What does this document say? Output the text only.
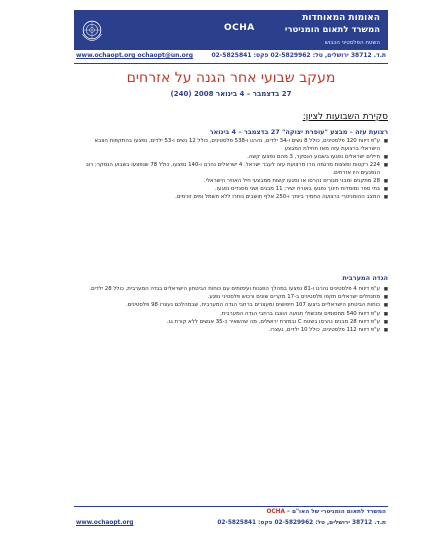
האומות המאוחדות
המשרד לתאום הומניטרי
OCHA
השטח הפלסטיני הכבוש
www.ochaopt.org ochaopt@un.org	ת.ד. 38712 ירושלים, טל: 02-5829962 פקס: 02-5825841
מעקב שבועי אחר הגנה על אזרחים
27 בדצמבר – 4 בינואר 2008 (240)
סקירת השבועות לציון:
רצועת עזה – מבצע "עופרת יצוקה" 27 בדצמבר – 4 בינואר
■ ע"פ דיווח 120 פלסטינים, כולל 8 נשים ו-34 ילדים, נהרגו ו-538 פלסטינים, כולל 12 נשים ו-53 ילדים, נפצעו בהתקפות הצבא הישראלי ברצועת עזה מאז תחילת המבצע
■ חיילים ישראלים נפגעו בשבוע הנסקר, 3 מהם נפצעו קשה.
■ 224 רקטות ופצצות מרגמה נורו מרצועת עזה לעבר ישראל. 4 ישראלים נהרגו ו-140 נפצעו, כולל 78 שנפצעו בשבוע הנסקר; רוב הנפגעים היו אזרחים.
■ 28 מתקנים ומבני מגורים נהרסו או נפגעו קשות ממבצעי חיל האוויר הישראלי.
■ בתי ספר ומוסדות חינוך נפגעו באורח ישיר; 11 מבנים ושני מסגדים נפגעו.
■ המצב ההומניטרי ברצועה החמיר ביותר ו-250 אלף תושבים נותרו ללא חשמל ומים זורמים.
הגדה המערבית
■ ע"פ דיווח 4 פלסטינים נהרגו ו-81 נפצעו במהלך הפגנות ועימותים עם כוחות הביטחון הישראלים בגדה המערבית, כולל 28 ילדים.
■ מתנחלים ישראלים תקפו פלסטינים ב-17 מקרים שונים ורכוש פלסטיני נפגע.
■ כוחות הביטחון הישראליים ביצעו 107 חיפושים ומעצרים ברחבי הגדה המערבית, שבמהלכם נעצרו 98 פלסטינים.
■ ע"פ דיווח 540 מחסומים ומכשולי תנועה הוצבו ברחבי הגדה המערבית.
■ ע"פ דיווח 28 מבנים נהרסו בשטח C ובמזרח ירושלים, מה שהשאיר כ-35 אנשים ללא קורת גג.
■ ע"פ דיווח 112 פלסטינים, כולל 10 ילדים, נעצרו.
המשרד לתאום הומניטרי של האו"ם – OCHA
www.ochaopt.org	ת.ד. 38712 ירושלים, טל: 02-5829962 פקס: 02-5825841
